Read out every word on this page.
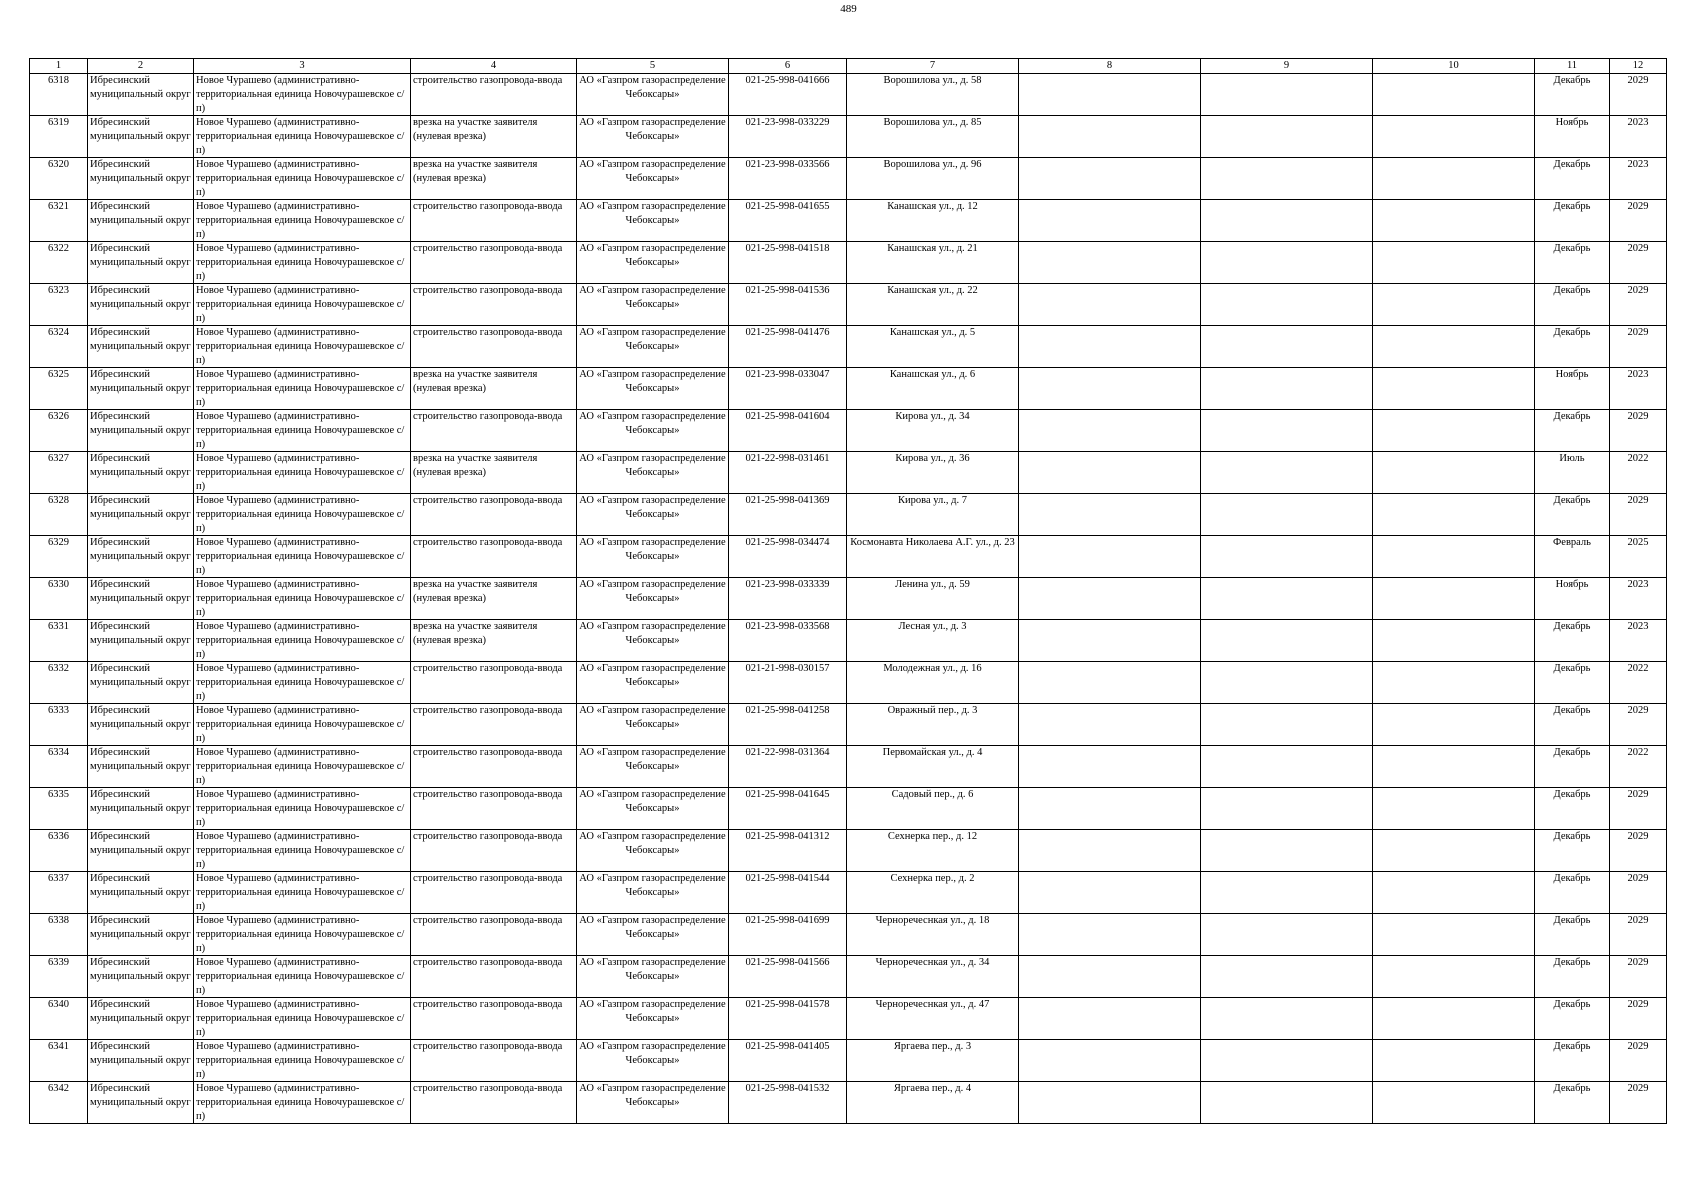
489
1	2	3	4	5	6	7	8	9	10	11	12

6318	Ибресинский муниципальный округ	Новое Чурашево (административно-территориальная единица Новочурашевское с/п)	строительство газопровода-ввода	АО «Газпром газораспределение Чебоксары»	021-25-998-041666	Ворошилова ул., д. 58				Декабрь	2029

6319	Ибресинский муниципальный округ	Новое Чурашево (административно-территориальная единица Новочурашевское с/п)	врезка на участке заявителя (нулевая врезка)	АО «Газпром газораспределение Чебоксары»	021-23-998-033229	Ворошилова ул., д. 85				Ноябрь	2023

6320	Ибресинский муниципальный округ	Новое Чурашево (административно-территориальная единица Новочурашевское с/п)	врезка на участке заявителя (нулевая врезка)	АО «Газпром газораспределение Чебоксары»	021-23-998-033566	Ворошилова ул., д. 96				Декабрь	2023

6321	Ибресинский муниципальный округ	Новое Чурашево (административно-территориальная единица Новочурашевское с/п)	строительство газопровода-ввода	АО «Газпром газораспределение Чебоксары»	021-25-998-041655	Канашская ул., д. 12				Декабрь	2029

6322	Ибресинский муниципальный округ	Новое Чурашево (административно-территориальная единица Новочурашевское с/п)	строительство газопровода-ввода	АО «Газпром газораспределение Чебоксары»	021-25-998-041518	Канашская ул., д. 21				Декабрь	2029

6323	Ибресинский муниципальный округ	Новое Чурашево (административно-территориальная единица Новочурашевское с/п)	строительство газопровода-ввода	АО «Газпром газораспределение Чебоксары»	021-25-998-041536	Канашская ул., д. 22				Декабрь	2029

6324	Ибресинский муниципальный округ	Новое Чурашево (административно-территориальная единица Новочурашевское с/п)	строительство газопровода-ввода	АО «Газпром газораспределение Чебоксары»	021-25-998-041476	Канашская ул., д. 5				Декабрь	2029

6325	Ибресинский муниципальный округ	Новое Чурашево (административно-территориальная единица Новочурашевское с/п)	врезка на участке заявителя (нулевая врезка)	АО «Газпром газораспределение Чебоксары»	021-23-998-033047	Канашская ул., д. 6				Ноябрь	2023

6326	Ибресинский муниципальный округ	Новое Чурашево (административно-территориальная единица Новочурашевское с/п)	строительство газопровода-ввода	АО «Газпром газораспределение Чебоксары»	021-25-998-041604	Кирова ул., д. 34				Декабрь	2029

6327	Ибресинский муниципальный округ	Новое Чурашево (административно-территориальная единица Новочурашевское с/п)	врезка на участке заявителя (нулевая врезка)	АО «Газпром газораспределение Чебоксары»	021-22-998-031461	Кирова ул., д. 36				Июль	2022

6328	Ибресинский муниципальный округ	Новое Чурашево (административно-территориальная единица Новочурашевское с/п)	строительство газопровода-ввода	АО «Газпром газораспределение Чебоксары»	021-25-998-041369	Кирова ул., д. 7				Декабрь	2029

6329	Ибресинский муниципальный округ	Новое Чурашево (административно-территориальная единица Новочурашевское с/п)	строительство газопровода-ввода	АО «Газпром газораспределение Чебоксары»	021-25-998-034474	Космонавта Николаева А.Г. ул., д. 23				Февраль	2025

6330	Ибресинский муниципальный округ	Новое Чурашево (административно-территориальная единица Новочурашевское с/п)	врезка на участке заявителя (нулевая врезка)	АО «Газпром газораспределение Чебоксары»	021-23-998-033339	Ленина ул., д. 59				Ноябрь	2023

6331	Ибресинский муниципальный округ	Новое Чурашево (административно-территориальная единица Новочурашевское с/п)	врезка на участке заявителя (нулевая врезка)	АО «Газпром газораспределение Чебоксары»	021-23-998-033568	Лесная ул., д. 3				Декабрь	2023

6332	Ибресинский муниципальный округ	Новое Чурашево (административно-территориальная единица Новочурашевское с/п)	строительство газопровода-ввода	АО «Газпром газораспределение Чебоксары»	021-21-998-030157	Молодежная ул., д. 16				Декабрь	2022

6333	Ибресинский муниципальный округ	Новое Чурашево (административно-территориальная единица Новочурашевское с/п)	строительство газопровода-ввода	АО «Газпром газораспределение Чебоксары»	021-25-998-041258	Овражный пер., д. 3				Декабрь	2029

6334	Ибресинский муниципальный округ	Новое Чурашево (административно-территориальная единица Новочурашевское с/п)	строительство газопровода-ввода	АО «Газпром газораспределение Чебоксары»	021-22-998-031364	Первомайская ул., д. 4				Декабрь	2022

6335	Ибресинский муниципальный округ	Новое Чурашево (административно-территориальная единица Новочурашевское с/п)	строительство газопровода-ввода	АО «Газпром газораспределение Чебоксары»	021-25-998-041645	Садовый пер., д. 6				Декабрь	2029

6336	Ибресинский муниципальный округ	Новое Чурашево (административно-территориальная единица Новочурашевское с/п)	строительство газопровода-ввода	АО «Газпром газораспределение Чебоксары»	021-25-998-041312	Сехнерка пер., д. 12				Декабрь	2029

6337	Ибресинский муниципальный округ	Новое Чурашево (административно-территориальная единица Новочурашевское с/п)	строительство газопровода-ввода	АО «Газпром газораспределение Чебоксары»	021-25-998-041544	Сехнерка пер., д. 2				Декабрь	2029

6338	Ибресинский муниципальный округ	Новое Чурашево (административно-территориальная единица Новочурашевское с/п)	строительство газопровода-ввода	АО «Газпром газораспределение Чебоксары»	021-25-998-041699	Черноречеснкая ул., д. 18				Декабрь	2029

6339	Ибресинский муниципальный округ	Новое Чурашево (административно-территориальная единица Новочурашевское с/п)	строительство газопровода-ввода	АО «Газпром газораспределение Чебоксары»	021-25-998-041566	Черноречеснкая ул., д. 34				Декабрь	2029

6340	Ибресинский муниципальный округ	Новое Чурашево (административно-территориальная единица Новочурашевское с/п)	строительство газопровода-ввода	АО «Газпром газораспределение Чебоксары»	021-25-998-041578	Черноречеснкая ул., д. 47				Декабрь	2029

6341	Ибресинский муниципальный округ	Новое Чурашево (административно-территориальная единица Новочурашевское с/п)	строительство газопровода-ввода	АО «Газпром газораспределение Чебоксары»	021-25-998-041405	Яргаева пер., д. 3				Декабрь	2029

6342	Ибресинский муниципальный округ	Новое Чурашево (административно-территориальная единица Новочурашевское с/п)	строительство газопровода-ввода	АО «Газпром газораспределение Чебоксары»	021-25-998-041532	Яргаева пер., д. 4				Декабрь	2029
